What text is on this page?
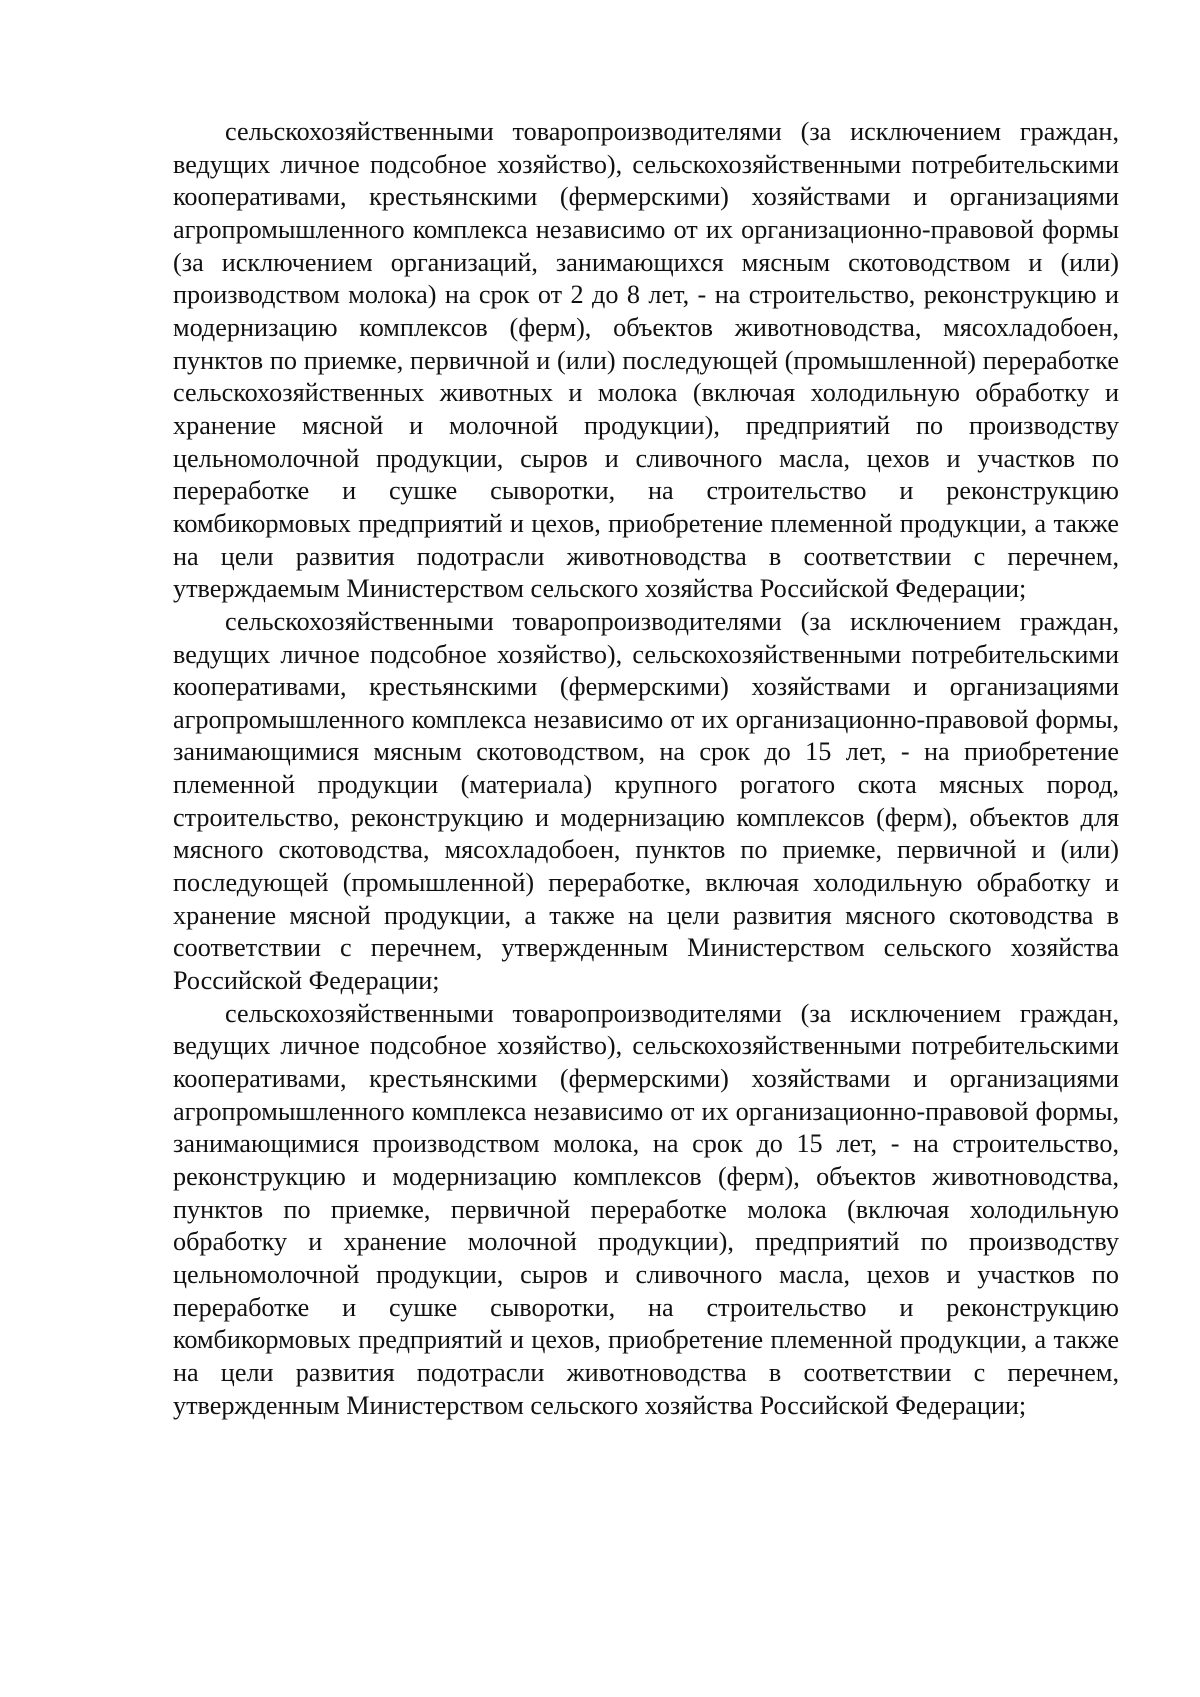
сельскохозяйственными товаропроизводителями (за исключением граждан, ведущих личное подсобное хозяйство), сельскохозяйственными потребительскими кооперативами, крестьянскими (фермерскими) хозяйствами и организациями агропромышленного комплекса независимо от их организационно-правовой формы (за исключением организаций, занимающихся мясным скотоводством и (или) производством молока) на срок от 2 до 8 лет, - на строительство, реконструкцию и модернизацию комплексов (ферм), объектов животноводства, мясохладобоен, пунктов по приемке, первичной и (или) последующей (промышленной) переработке сельскохозяйственных животных и молока (включая холодильную обработку и хранение мясной и молочной продукции), предприятий по производству цельномолочной продукции, сыров и сливочного масла, цехов и участков по переработке и сушке сыворотки, на строительство и реконструкцию комбикормовых предприятий и цехов, приобретение племенной продукции, а также на цели развития подотрасли животноводства в соответствии с перечнем, утверждаемым Министерством сельского хозяйства Российской Федерации;

сельскохозяйственными товаропроизводителями (за исключением граждан, ведущих личное подсобное хозяйство), сельскохозяйственными потребительскими кооперативами, крестьянскими (фермерскими) хозяйствами и организациями агропромышленного комплекса независимо от их организационно-правовой формы, занимающимися мясным скотоводством, на срок до 15 лет, - на приобретение племенной продукции (материала) крупного рогатого скота мясных пород, строительство, реконструкцию и модернизацию комплексов (ферм), объектов для мясного скотоводства, мясохладобоен, пунктов по приемке, первичной и (или) последующей (промышленной) переработке, включая холодильную обработку и хранение мясной продукции, а также на цели развития мясного скотоводства в соответствии с перечнем, утвержденным Министерством сельского хозяйства Российской Федерации;

сельскохозяйственными товаропроизводителями (за исключением граждан, ведущих личное подсобное хозяйство), сельскохозяйственными потребительскими кооперативами, крестьянскими (фермерскими) хозяйствами и организациями агропромышленного комплекса независимо от их организационно-правовой формы, занимающимися производством молока, на срок до 15 лет, - на строительство, реконструкцию и модернизацию комплексов (ферм), объектов животноводства, пунктов по приемке, первичной переработке молока (включая холодильную обработку и хранение молочной продукции), предприятий по производству цельномолочной продукции, сыров и сливочного масла, цехов и участков по переработке и сушке сыворотки, на строительство и реконструкцию комбикормовых предприятий и цехов, приобретение племенной продукции, а также на цели развития подотрасли животноводства в соответствии с перечнем, утвержденным Министерством сельского хозяйства Российской Федерации;
